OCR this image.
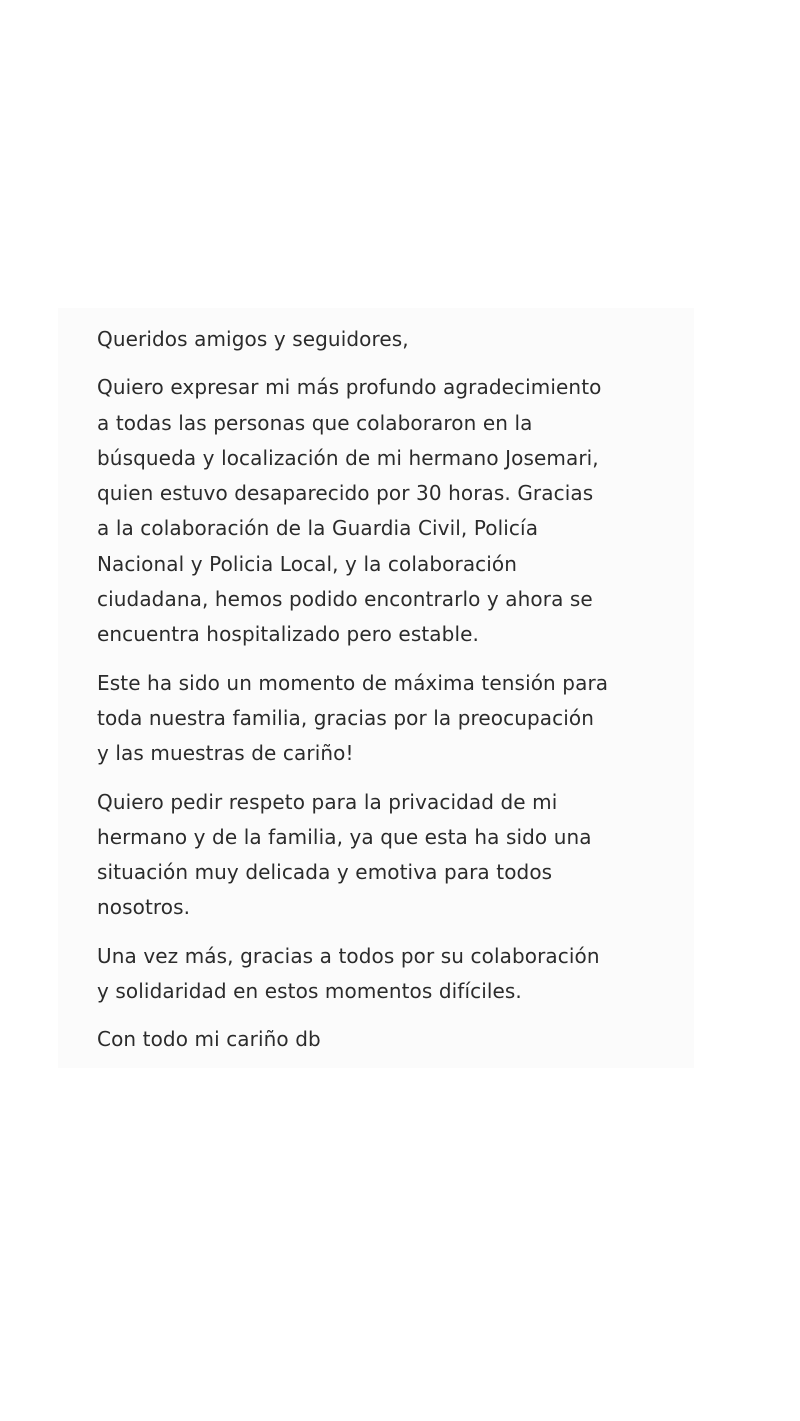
Queridos amigos y seguidores,

Quiero expresar mi más profundo agradecimiento
a todas las personas que colaboraron en la
búsqueda y localización de mi hermano Josemari,
quien estuvo desaparecido por 30 horas. Gracias
a la colaboración de la Guardia Civil, Policía
Nacional y Policia Local, y la colaboración
ciudadana, hemos podido encontrarlo y ahora se
encuentra hospitalizado pero estable.

Este ha sido un momento de máxima tensión para
toda nuestra familia, gracias por la preocupación
y las muestras de cariño!

Quiero pedir respeto para la privacidad de mi
hermano y de la familia, ya que esta ha sido una
situación muy delicada y emotiva para todos
nosotros.

Una vez más, gracias a todos por su colaboración
y solidaridad en estos momentos difíciles.

Con todo mi cariño db
